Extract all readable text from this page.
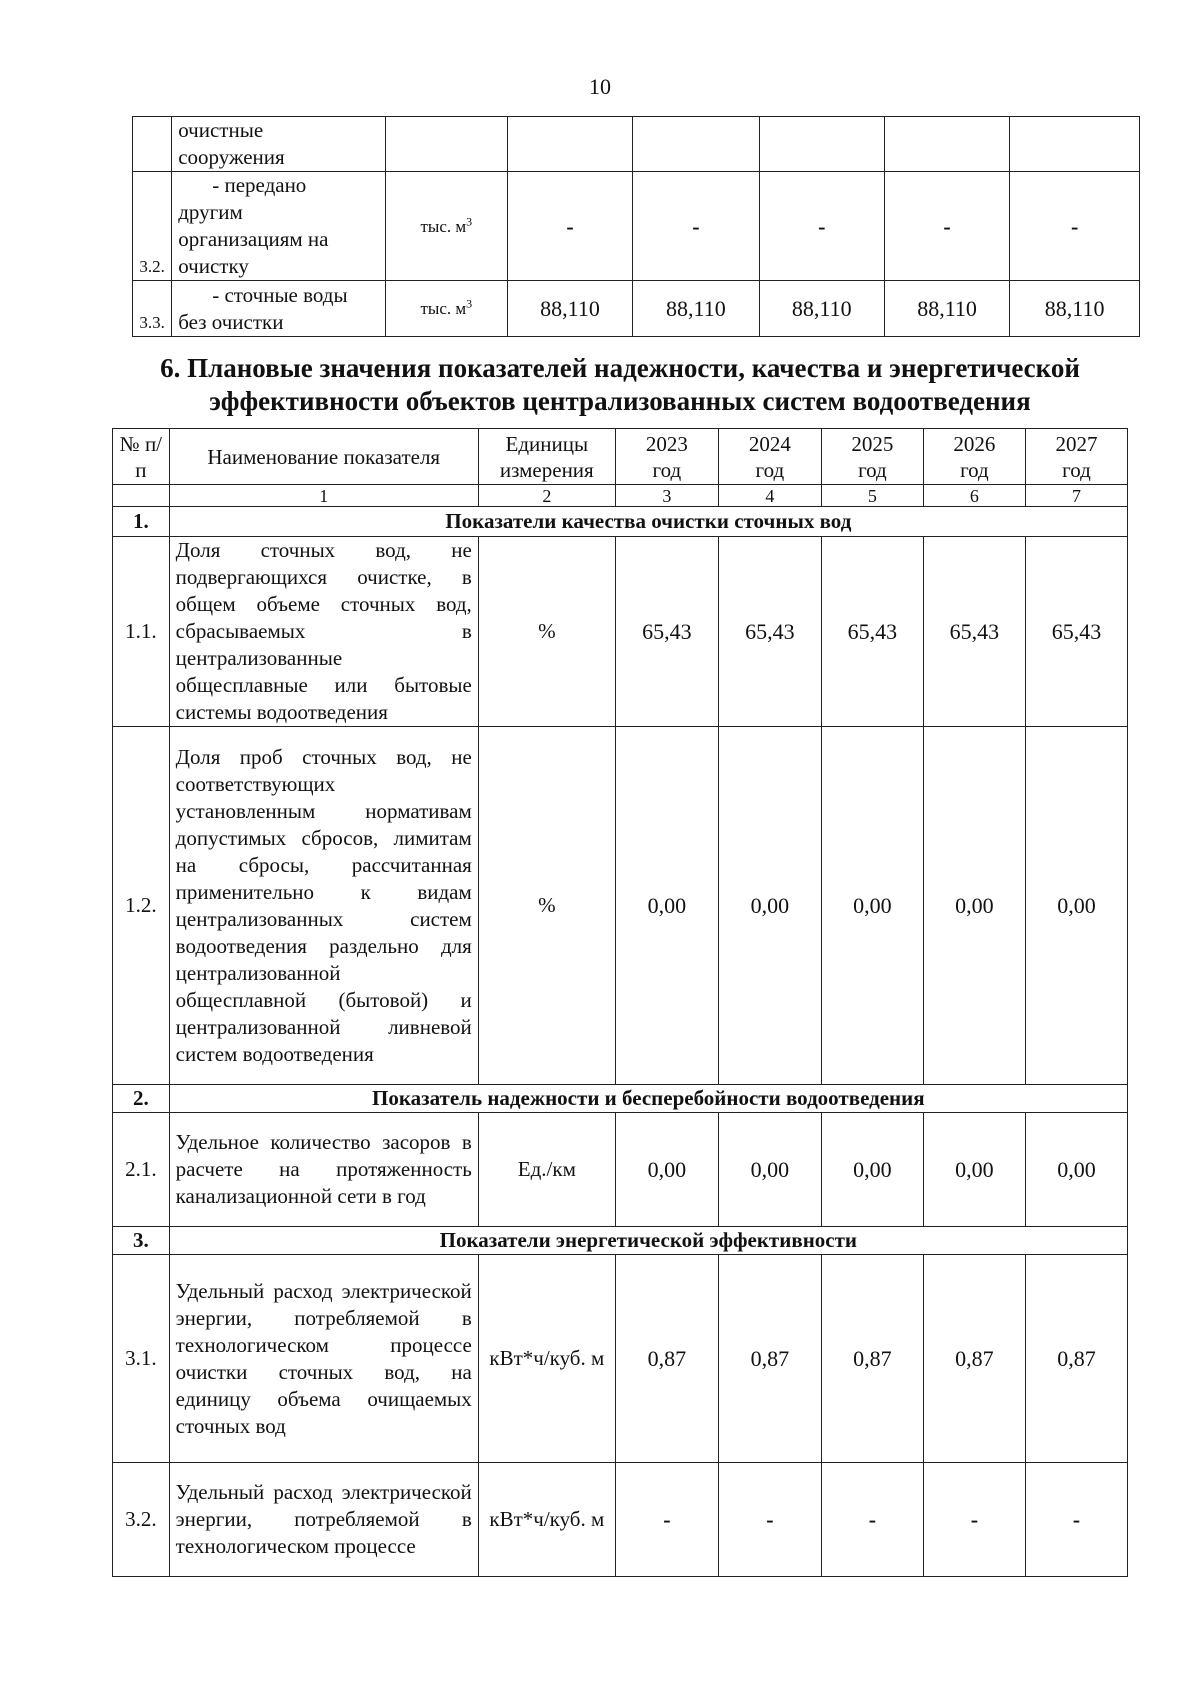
10

	очистные
сооружения						

3.2.	- передано
другим
организациям на
очистку	тыс. $м^3$	-	-	-	-	-
3.3.	- сточные воды
без очистки	тыс. $м^3$	88,110	88,110	88,110	88,110	88,110
6. Плановые значения показателей надежности, качества и энергетической эффективности объектов централизованных систем водоотведения
№ п/п	Наименование показателя	Единицы измерения	2023 год	2024 год	2025 год	2026 год	2027 год
	1	2	3	4	5	6	7
1.	Показатели качества очистки сточных вод						
1.1.	Доля сточных вод, не подвергающихся очистке, в общем объеме сточных вод, сбрасываемых в централизованные общесплавные или бытовые системы водоотведения	%	65,43	65,43	65,43	65,43	65,43
1.2.	Доля проб сточных вод, не соответствующих установленным нормативам допустимых сбросов, лимитам на сбросы, рассчитанная применительно к видам централизованных систем водоотведения раздельно для централизованной общесплавной (бытовой) и централизованной ливневой систем водоотведения	%	0,00	0,00	0,00	0,00	0,00
2.	Показатель надежности и бесперебойности водоотведения						
2.1.	Удельное количество засоров в расчете на протяженность канализационной сети в год	Ед./км	0,00	0,00	0,00	0,00	0,00
3.	Показатели энергетической эффективности						
3.1.	Удельный расход электрической энергии, потребляемой в технологическом процессе очистки сточных вод, на единицу объема очищаемых сточных вод	кВт*ч/куб. м	0,87	0,87	0,87	0,87	0,87
3.2.	Удельный расход электрической энергии, потребляемой в технологическом процессе	кВт*ч/куб. м	-	-	-	-	-
